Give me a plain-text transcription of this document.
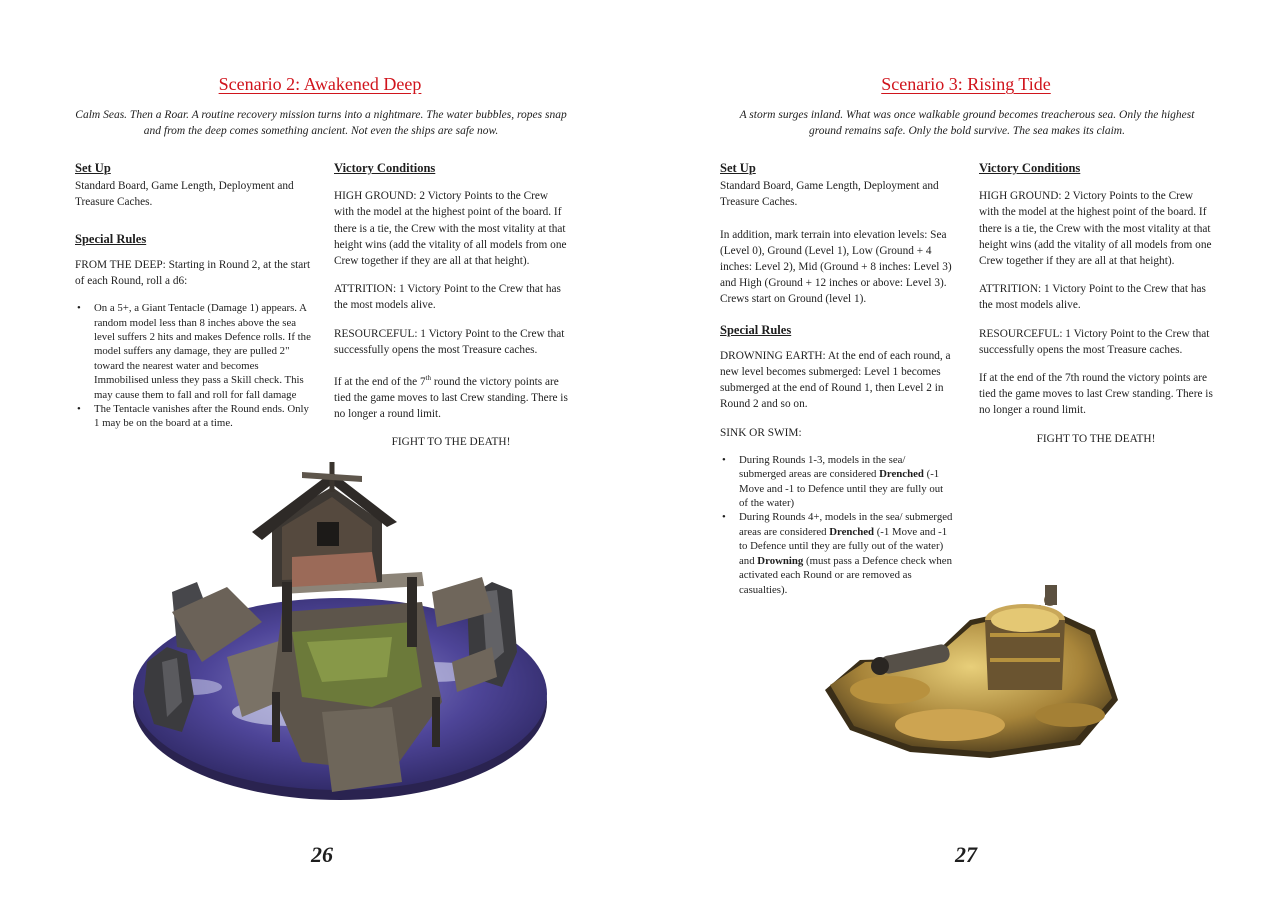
Scenario 2: Awakened Deep
Calm Seas. Then a Roar. A routine recovery mission turns into a nightmare. The water bubbles, ropes snap and from the deep comes something ancient. Not even the ships are safe now.
Set Up
Standard Board, Game Length, Deployment and Treasure Caches.
Special Rules
FROM THE DEEP: Starting in Round 2, at the start of each Round, roll a d6:
• On a 5+, a Giant Tentacle (Damage 1) appears. A random model less than 8 inches above the sea level suffers 2 hits and makes Defence rolls. If the model suffers any damage, they are pulled 2" toward the nearest water and becomes Immobilised unless they pass a Skill check. This may cause them to fall and roll for fall damage
• The Tentacle vanishes after the Round ends. Only 1 may be on the board at a time.
Victory Conditions
HIGH GROUND: 2 Victory Points to the Crew with the model at the highest point of the board. If there is a tie, the Crew with the most vitality at that height wins (add the vitality of all models from one Crew together if they are all at that height).
ATTRITION: 1 Victory Point to the Crew that has the most models alive.
RESOURCEFUL: 1 Victory Point to the Crew that successfully opens the most Treasure caches.
If at the end of the 7th round the victory points are tied the game moves to last Crew standing. There is no longer a round limit.
FIGHT TO THE DEATH!
26
Scenario 3: Rising Tide
A storm surges inland. What was once walkable ground becomes treacherous sea. Only the highest ground remains safe. Only the bold survive. The sea makes its claim.
Set Up
Standard Board, Game Length, Deployment and Treasure Caches.
In addition, mark terrain into elevation levels: Sea (Level 0), Ground (Level 1), Low (Ground + 4 inches: Level 2), Mid (Ground + 8 inches: Level 3) and High (Ground + 12 inches or above: Level 3). Crews start on Ground (level 1).
Special Rules
DROWNING EARTH: At the end of each round, a new level becomes submerged: Level 1 becomes submerged at the end of Round 1, then Level 2 in Round 2 and so on.
SINK OR SWIM:
• During Rounds 1-3, models in the sea/ submerged areas are considered Drenched (-1 Move and -1 to Defence until they are fully out of the water)
• During Rounds 4+, models in the sea/ submerged areas are considered Drenched (-1 Move and -1 to Defence until they are fully out of the water) and Drowning (must pass a Defence check when activated each Round or are removed as casualties).
Victory Conditions
HIGH GROUND: 2 Victory Points to the Crew with the model at the highest point of the board. If there is a tie, the Crew with the most vitality at that height wins (add the vitality of all models from one Crew together if they are all at that height).
ATTRITION: 1 Victory Point to the Crew that has the most models alive.
RESOURCEFUL: 1 Victory Point to the Crew that successfully opens the most Treasure caches.
If at the end of the 7th round the victory points are tied the game moves to last Crew standing. There is no longer a round limit.
FIGHT TO THE DEATH!
27
